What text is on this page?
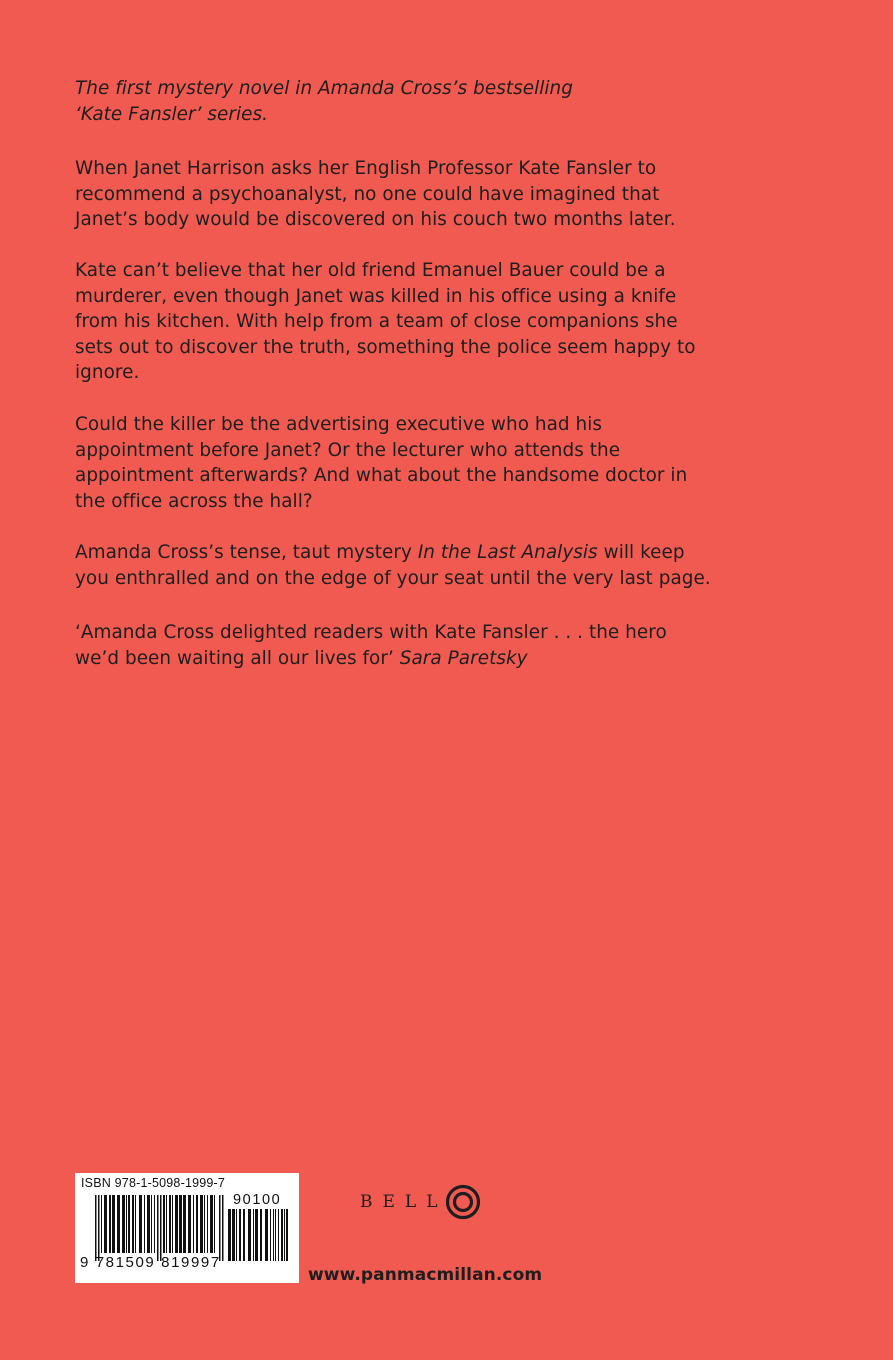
The first mystery novel in Amanda Cross’s bestselling

‘Kate Fansler’ series.

When Janet Harrison asks her English Professor Kate Fansler to

recommend a psychoanalyst, no one could have imagined that

Janet’s body would be discovered on his couch two months later.

Kate can’t believe that her old friend Emanuel Bauer could be a

murderer, even though Janet was killed in his office using a knife

from his kitchen. With help from a team of close companions she

sets out to discover the truth, something the police seem happy to

ignore.

Could the killer be the advertising executive who had his

appointment before Janet? Or the lecturer who attends the

appointment afterwards? And what about the handsome doctor in

the office across the hall?

Amanda Cross’s tense, taut mystery In the Last Analysis will keep

you enthralled and on the edge of your seat until the very last page.

‘Amanda Cross delighted readers with Kate Fansler . . . the hero

we’d been waiting all our lives for’ Sara Paretsky

ISBN 978-1-5098-1999-7
9 781509 819997
90100	BELL
www.panmacmillan.com
